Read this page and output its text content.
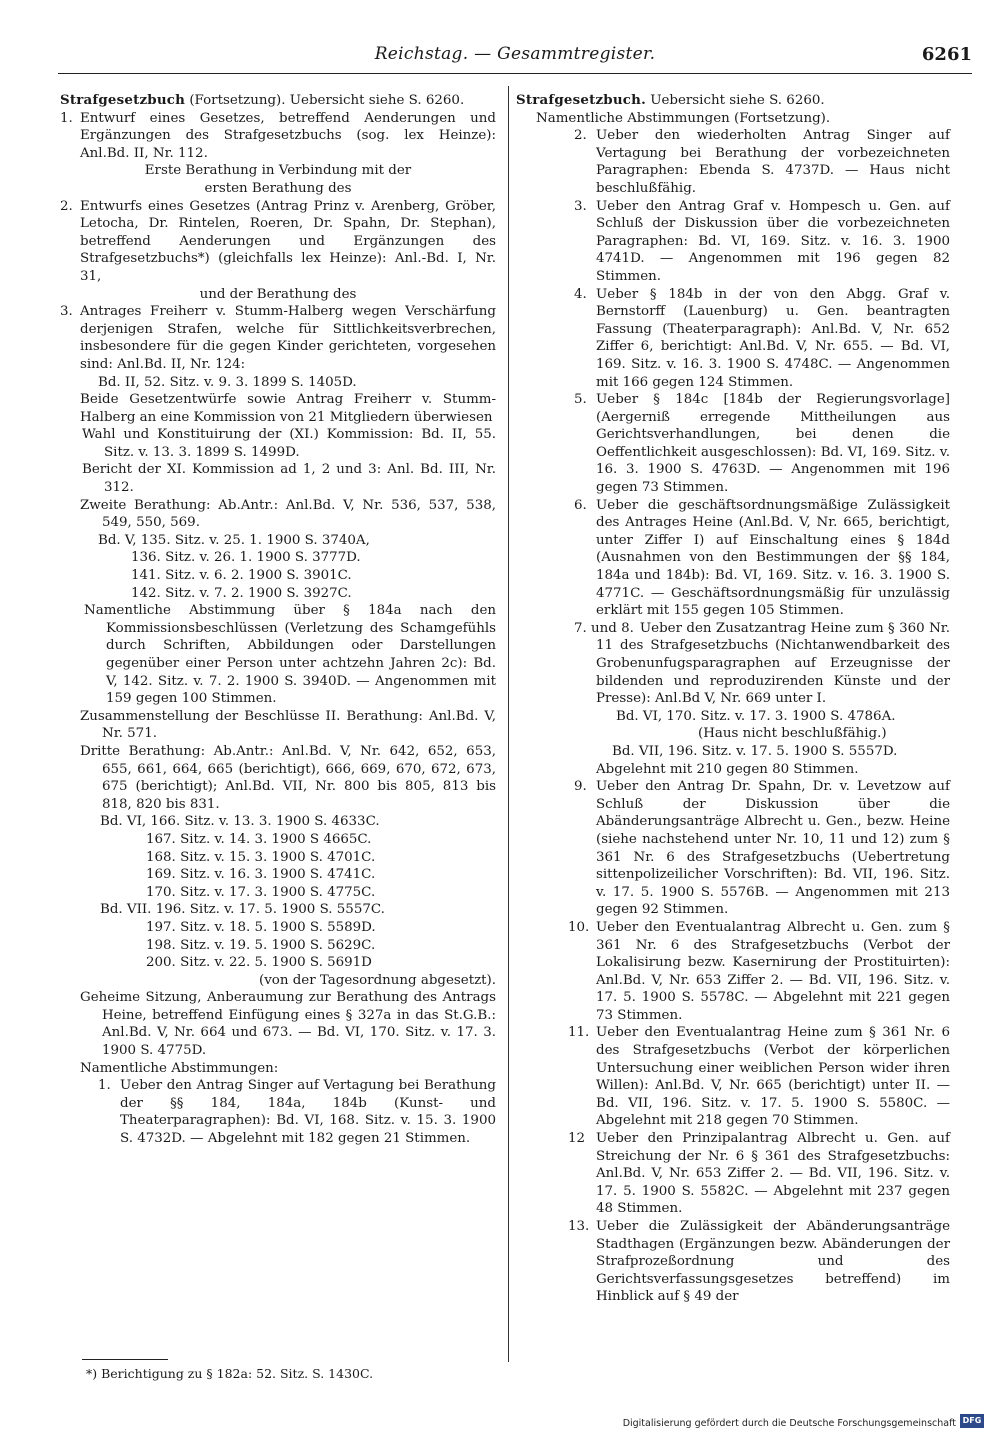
Reichstag. — Gesammtregister.	6261

Strafgesetzbuch (Fortsetzung). Uebersicht siehe S. 6260.

1. Entwurf eines Gesetzes, betreffend Aenderungen und Ergänzungen des Strafgesetzbuchs (sog. lex Heinze): Anl.Bd. II, Nr. 112.

Erste Berathung in Verbindung mit der

ersten Berathung des

2. Entwurfs eines Gesetzes (Antrag Prinz v. Arenberg, Gröber, Letocha, Dr. Rintelen, Roeren, Dr. Spahn, Dr. Stephan), betreffend Aenderungen und Ergänzungen des Strafgesetzbuchs*) (gleichfalls lex Heinze): Anl.-Bd. I, Nr. 31,

und der Berathung des

3. Antrages Freiherr v. Stumm-Halberg wegen Verschärfung derjenigen Strafen, welche für Sittlichkeitsverbrechen, insbesondere für die gegen Kinder gerichteten, vorgesehen sind: Anl.Bd. II, Nr. 124:

Bd. II, 52. Sitz. v. 9. 3. 1899 S. 1405D.

Beide Gesetzentwürfe sowie Antrag Freiherr v. Stumm-Halberg an eine Kommission von 21 Mitgliedern überwiesen

Wahl und Konstituirung der (XI.) Kommission: Bd. II, 55. Sitz. v. 13. 3. 1899 S. 1499D.

Bericht der XI. Kommission ad 1, 2 und 3: Anl. Bd. III, Nr. 312.

Zweite Berathung: Ab.Antr.: Anl.Bd. V, Nr. 536, 537, 538, 549, 550, 569.

Bd. V, 135. Sitz. v. 25. 1. 1900 S. 3740A,

136. Sitz. v. 26. 1. 1900 S. 3777D.

141. Sitz. v. 6. 2. 1900 S. 3901C.

142. Sitz. v. 7. 2. 1900 S. 3927C.

Namentliche Abstimmung über § 184a nach den Kommissionsbeschlüssen (Verletzung des Schamgefühls durch Schriften, Abbildungen oder Darstellungen gegenüber einer Person unter achtzehn Jahren 2c): Bd. V, 142. Sitz. v. 7. 2. 1900 S. 3940D. — Angenommen mit 159 gegen 100 Stimmen.

Zusammenstellung der Beschlüsse II. Berathung: Anl.Bd. V, Nr. 571.

Dritte Berathung: Ab.Antr.: Anl.Bd. V, Nr. 642, 652, 653, 655, 661, 664, 665 (berichtigt), 666, 669, 670, 672, 673, 675 (berichtigt); Anl.Bd. VII, Nr. 800 bis 805, 813 bis 818, 820 bis 831.

Bd. VI, 166. Sitz. v. 13. 3. 1900 S. 4633C.

167. Sitz. v. 14. 3. 1900 S 4665C.

168. Sitz. v. 15. 3. 1900 S. 4701C.

169. Sitz. v. 16. 3. 1900 S. 4741C.

170. Sitz. v. 17. 3. 1900 S. 4775C.

Bd. VII. 196. Sitz. v. 17. 5. 1900 S. 5557C.

197. Sitz. v. 18. 5. 1900 S. 5589D.

198. Sitz. v. 19. 5. 1900 S. 5629C.

200. Sitz. v. 22. 5. 1900 S. 5691D

(von der Tagesordnung abgesetzt).

Geheime Sitzung, Anberaumung zur Berathung des Antrags Heine, betreffend Einfügung eines § 327a in das St.G.B.: Anl.Bd. V, Nr. 664 und 673. — Bd. VI, 170. Sitz. v. 17. 3. 1900 S. 4775D.

Namentliche Abstimmungen:

1. Ueber den Antrag Singer auf Vertagung bei Berathung der §§ 184, 184a, 184b (Kunst- und Theaterparagraphen): Bd. VI, 168. Sitz. v. 15. 3. 1900 S. 4732D. — Abgelehnt mit 182 gegen 21 Stimmen.

Strafgesetzbuch. Uebersicht siehe S. 6260.

Namentliche Abstimmungen (Fortsetzung).

2. Ueber den wiederholten Antrag Singer auf Vertagung bei Berathung der vorbezeichneten Paragraphen: Ebenda S. 4737D. — Haus nicht beschlußfähig.

3. Ueber den Antrag Graf v. Hompesch u. Gen. auf Schluß der Diskussion über die vorbezeichneten Paragraphen: Bd. VI, 169. Sitz. v. 16. 3. 1900 4741D. — Angenommen mit 196 gegen 82 Stimmen.

4. Ueber § 184b in der von den Abgg. Graf v. Bernstorff (Lauenburg) u. Gen. beantragten Fassung (Theaterparagraph): Anl.Bd. V, Nr. 652 Ziffer 6, berichtigt: Anl.Bd. V, Nr. 655. — Bd. VI, 169. Sitz. v. 16. 3. 1900 S. 4748C. — Angenommen mit 166 gegen 124 Stimmen.

5. Ueber § 184c [184b der Regierungsvorlage] (Aergerniß erregende Mittheilungen aus Gerichtsverhandlungen, bei denen die Oeffentlichkeit ausgeschlossen): Bd. VI, 169. Sitz. v. 16. 3. 1900 S. 4763D. — Angenommen mit 196 gegen 73 Stimmen.

6. Ueber die geschäftsordnungsmäßige Zulässigkeit des Antrages Heine (Anl.Bd. V, Nr. 665, berichtigt, unter Ziffer I) auf Einschaltung eines § 184d (Ausnahmen von den Bestimmungen der §§ 184, 184a und 184b): Bd. VI, 169. Sitz. v. 16. 3. 1900 S. 4771C. — Geschäftsordnungsmäßig für unzulässig erklärt mit 155 gegen 105 Stimmen.

7. und 8. Ueber den Zusatzantrag Heine zum § 360 Nr. 11 des Strafgesetzbuchs (Nichtanwendbarkeit des Grobenunfugsparagraphen auf Erzeugnisse der bildenden und reproduzirenden Künste und der Presse): Anl.Bd V, Nr. 669 unter I.

Bd. VI, 170. Sitz. v. 17. 3. 1900 S. 4786A.

(Haus nicht beschlußfähig.)

Bd. VII, 196. Sitz. v. 17. 5. 1900 S. 5557D.

Abgelehnt mit 210 gegen 80 Stimmen.

9. Ueber den Antrag Dr. Spahn, Dr. v. Levetzow auf Schluß der Diskussion über die Abänderungsanträge Albrecht u. Gen., bezw. Heine (siehe nachstehend unter Nr. 10, 11 und 12) zum § 361 Nr. 6 des Strafgesetzbuchs (Uebertretung sittenpolizeilicher Vorschriften): Bd. VII, 196. Sitz. v. 17. 5. 1900 S. 5576B. — Angenommen mit 213 gegen 92 Stimmen.

10. Ueber den Eventualantrag Albrecht u. Gen. zum § 361 Nr. 6 des Strafgesetzbuchs (Verbot der Lokalisirung bezw. Kasernirung der Prostituirten): Anl.Bd. V, Nr. 653 Ziffer 2. — Bd. VII, 196. Sitz. v. 17. 5. 1900 S. 5578C. — Abgelehnt mit 221 gegen 73 Stimmen.

11. Ueber den Eventualantrag Heine zum § 361 Nr. 6 des Strafgesetzbuchs (Verbot der körperlichen Untersuchung einer weiblichen Person wider ihren Willen): Anl.Bd. V, Nr. 665 (berichtigt) unter II. — Bd. VII, 196. Sitz. v. 17. 5. 1900 S. 5580C. — Abgelehnt mit 218 gegen 70 Stimmen.

12 Ueber den Prinzipalantrag Albrecht u. Gen. auf Streichung der Nr. 6 § 361 des Strafgesetzbuchs: Anl.Bd. V, Nr. 653 Ziffer 2. — Bd. VII, 196. Sitz. v. 17. 5. 1900 S. 5582C. — Abgelehnt mit 237 gegen 48 Stimmen.

13. Ueber die Zulässigkeit der Abänderungsanträge Stadthagen (Ergänzungen bezw. Abänderungen der Strafprozeßordnung und des Gerichtsverfassungsgesetzes betreffend) im Hinblick auf § 49 der

*) Berichtigung zu § 182a: 52. Sitz. S. 1430C.
Digitalisierung gefördert durch die Deutsche Forschungsgemeinschaft DFG
